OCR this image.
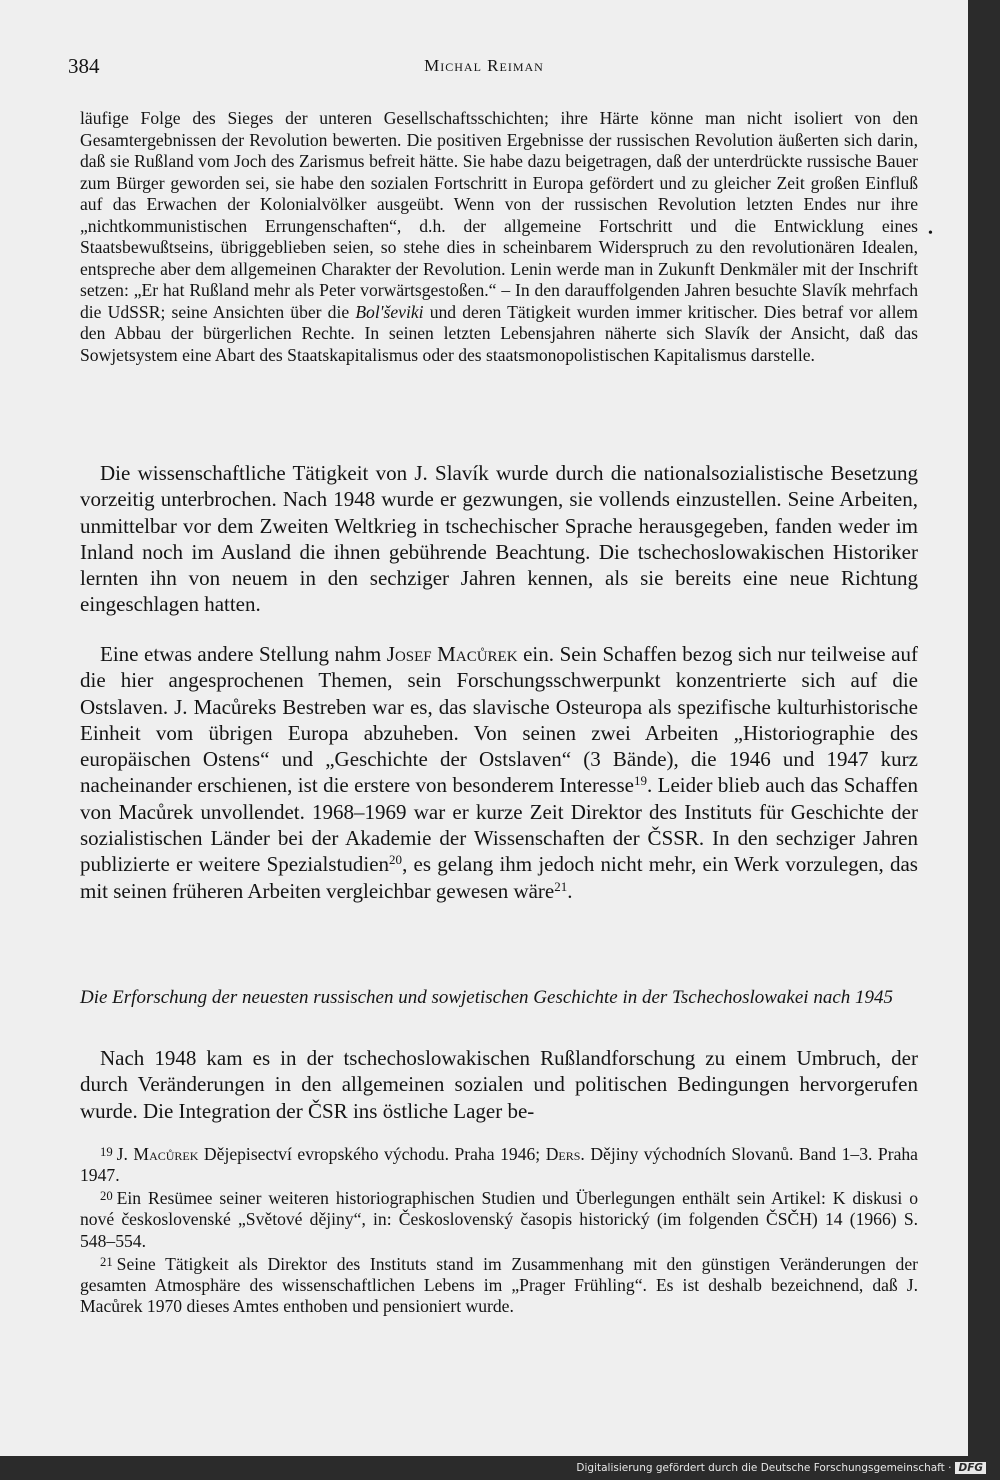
384	Michal Reiman

läufige Folge des Sieges der unteren Gesellschaftsschichten; ihre Härte könne man nicht isoliert von den Gesamtergebnissen der Revolution bewerten. Die positiven Ergebnisse der russischen Revolution äußerten sich darin, daß sie Rußland vom Joch des Zarismus befreit hätte. Sie habe dazu beigetragen, daß der unterdrückte russische Bauer zum Bürger geworden sei, sie habe den sozialen Fortschritt in Europa gefördert und zu gleicher Zeit großen Einfluß auf das Erwachen der Kolonialvölker ausgeübt. Wenn von der russischen Revolution letzten Endes nur ihre „nichtkommunistischen Errungenschaften“, d.h. der allgemeine Fortschritt und die Entwicklung eines Staatsbewußtseins, übriggeblieben seien, so stehe dies in scheinbarem Widerspruch zu den revolutionären Idealen, entspreche aber dem allgemeinen Charakter der Revolution. Lenin werde man in Zukunft Denkmäler mit der Inschrift setzen: „Er hat Rußland mehr als Peter vorwärtsgestoßen.“ – In den darauffolgenden Jahren besuchte Slavík mehrfach die UdSSR; seine Ansichten über die Bol'ševiki und deren Tätigkeit wurden immer kritischer. Dies betraf vor allem den Abbau der bürgerlichen Rechte. In seinen letzten Lebensjahren näherte sich Slavík der Ansicht, daß das Sowjetsystem eine Abart des Staatskapitalismus oder des staatsmonopolistischen Kapitalismus darstelle.

•

Die wissenschaftliche Tätigkeit von J. Slavík wurde durch die nationalsozialistische Besetzung vorzeitig unterbrochen. Nach 1948 wurde er gezwungen, sie vollends einzustellen. Seine Arbeiten, unmittelbar vor dem Zweiten Weltkrieg in tschechischer Sprache herausgegeben, fanden weder im Inland noch im Ausland die ihnen gebührende Beachtung. Die tschechoslowakischen Historiker lernten ihn von neuem in den sechziger Jahren kennen, als sie bereits eine neue Richtung eingeschlagen hatten.

Eine etwas andere Stellung nahm Josef Macůrek ein. Sein Schaffen bezog sich nur teilweise auf die hier angesprochenen Themen, sein Forschungsschwerpunkt konzentrierte sich auf die Ostslaven. J. Macůreks Bestreben war es, das slavische Osteuropa als spezifische kulturhistorische Einheit vom übrigen Europa abzuheben. Von seinen zwei Arbeiten „Historiographie des europäischen Ostens“ und „Geschichte der Ostslaven“ (3 Bände), die 1946 und 1947 kurz nacheinander erschienen, ist die erstere von besonderem Interesse$^{19}$. Leider blieb auch das Schaffen von Macůrek unvollendet. 1968–1969 war er kurze Zeit Direktor des Instituts für Geschichte der sozialistischen Länder bei der Akademie der Wissenschaften der ČSSR. In den sechziger Jahren publizierte er weitere Spezialstudien$^{20}$, es gelang ihm jedoch nicht mehr, ein Werk vorzulegen, das mit seinen früheren Arbeiten vergleichbar gewesen wäre$^{21}$.

Die Erforschung der neuesten russischen und sowjetischen Geschichte in der Tschechoslowakei nach 1945

Nach 1948 kam es in der tschechoslowakischen Rußlandforschung zu einem Umbruch, der durch Veränderungen in den allgemeinen sozialen und politischen Bedingungen hervorgerufen wurde. Die Integration der ČSR ins östliche Lager be-

$^{19}$ J. Macůrek Dějepisectví evropského východu. Praha 1946; Ders. Dějiny východních Slovanů. Band 1–3. Praha 1947.

$^{20}$ Ein Resümee seiner weiteren historiographischen Studien und Überlegungen enthält sein Artikel: K diskusi o nové československé „Světové dějiny“, in: Československý časopis historický (im folgenden ČSČH) 14 (1966) S. 548–554.

$^{21}$ Seine Tätigkeit als Direktor des Instituts stand im Zusammenhang mit den günstigen Veränderungen der gesamten Atmosphäre des wissenschaftlichen Lebens im „Prager Frühling“. Es ist deshalb bezeichnend, daß J. Macůrek 1970 dieses Amtes enthoben und pensioniert wurde.

Digitalisierung gefördert durch die Deutsche Forschungsgemeinschaft · DFG
